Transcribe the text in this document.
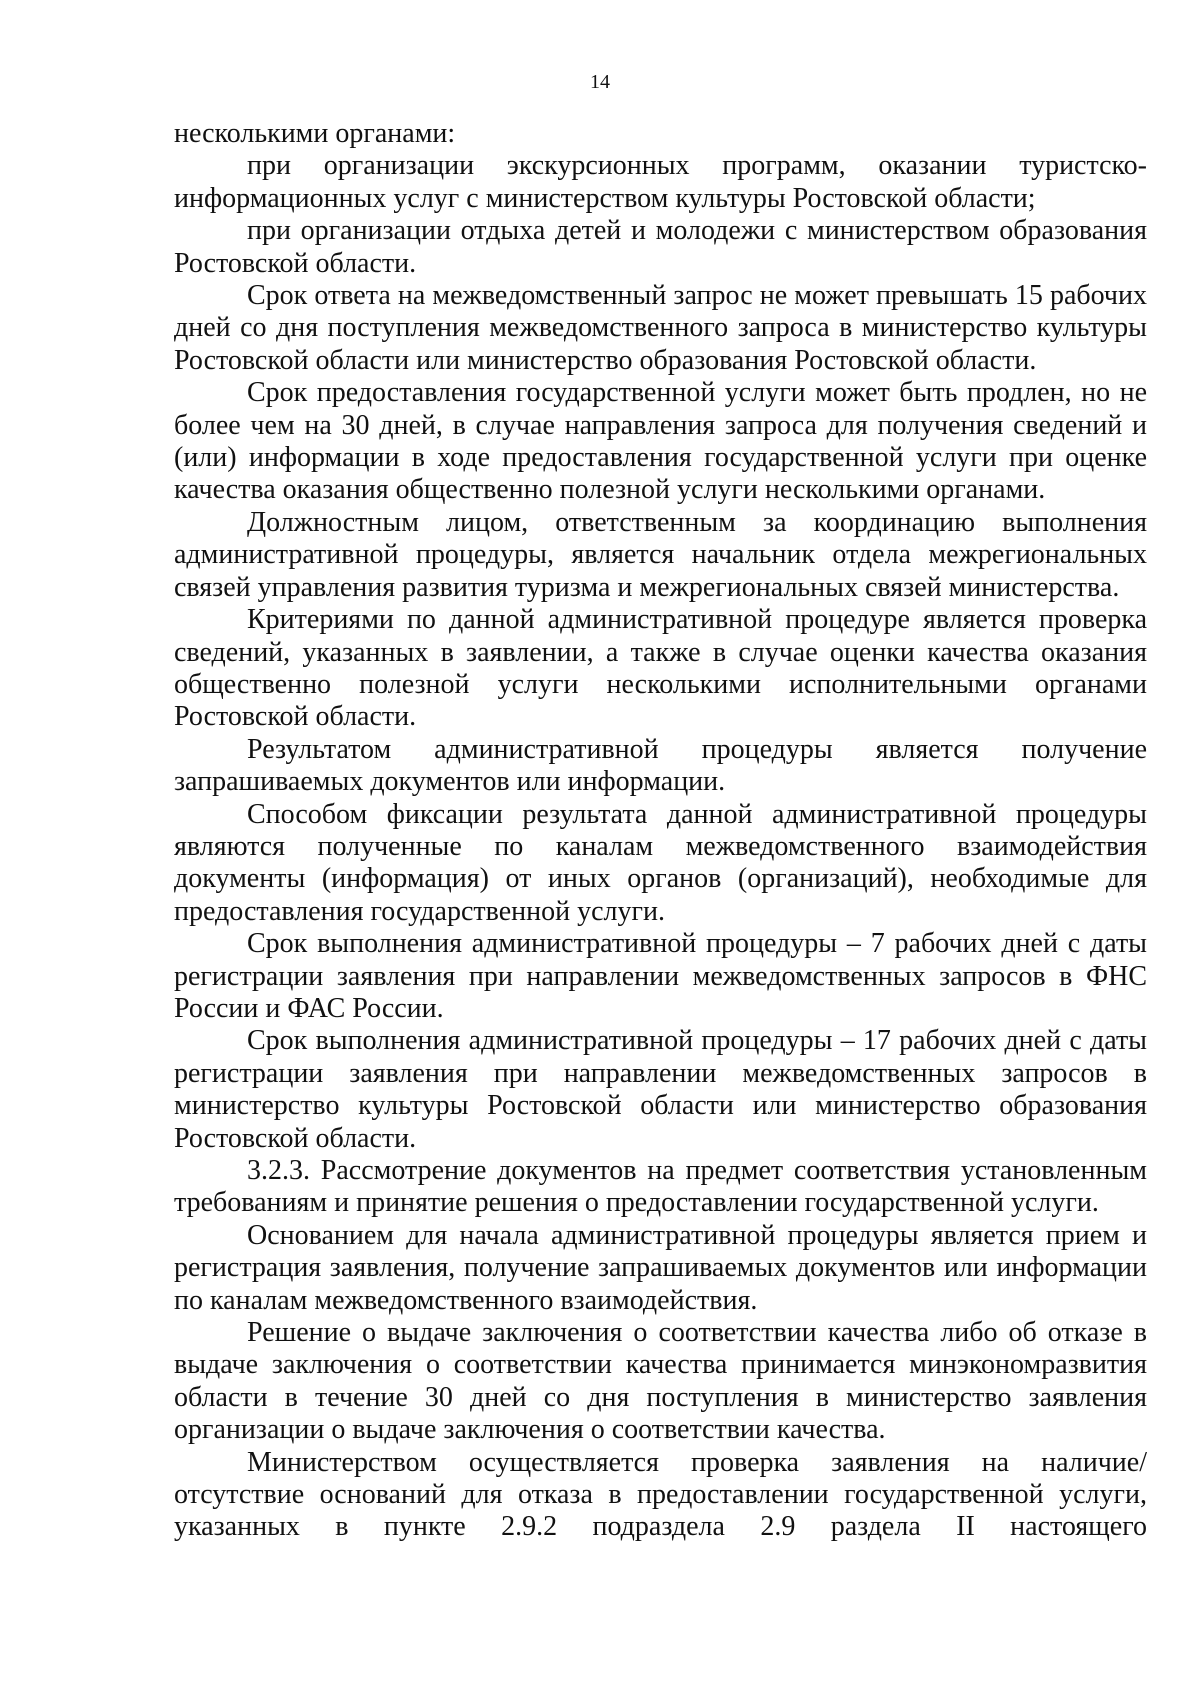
14

несколькими органами:

при организации экскурсионных программ, оказании туристско-информационных услуг с министерством культуры Ростовской области;

при организации отдыха детей и молодежи с министерством образования Ростовской области.

Срок ответа на межведомственный запрос не может превышать 15 рабочих дней со дня поступления межведомственного запроса в министерство культуры Ростовской области или министерство образования Ростовской области.

Срок предоставления государственной услуги может быть продлен, но не более чем на 30 дней, в случае направления запроса для получения сведений и (или) информации в ходе предоставления государственной услуги при оценке качества оказания общественно полезной услуги несколькими органами.

Должностным лицом, ответственным за координацию выполнения административной процедуры, является начальник отдела межрегиональных связей управления развития туризма и межрегиональных связей министерства.

Критериями по данной административной процедуре является проверка сведений, указанных в заявлении, а также в случае оценки качества оказания общественно полезной услуги несколькими исполнительными органами Ростовской области.

Результатом административной процедуры является получение запрашиваемых документов или информации.

Способом фиксации результата данной административной процедуры являются полученные по каналам межведомственного взаимодействия документы (информация) от иных органов (организаций), необходимые для предоставления государственной услуги.

Срок выполнения административной процедуры – 7 рабочих дней с даты регистрации заявления при направлении межведомственных запросов в ФНС России и ФАС России.

Срок выполнения административной процедуры – 17 рабочих дней с даты регистрации заявления при направлении межведомственных запросов в министерство культуры Ростовской области или министерство образования Ростовской области.

3.2.3. Рассмотрение документов на предмет соответствия установленным требованиям и принятие решения о предоставлении государственной услуги.

Основанием для начала административной процедуры является прием и регистрация заявления, получение запрашиваемых документов или информации по каналам межведомственного взаимодействия.

Решение о выдаче заключения о соответствии качества либо об отказе в выдаче заключения о соответствии качества принимается минэкономразвития области в течение 30 дней со дня поступления в министерство заявления организации о выдаче заключения о соответствии качества.

Министерством осуществляется проверка заявления на наличие/ отсутствие оснований для отказа в предоставлении государственной услуги, указанных в пункте 2.9.2 подраздела 2.9 раздела II настоящего
